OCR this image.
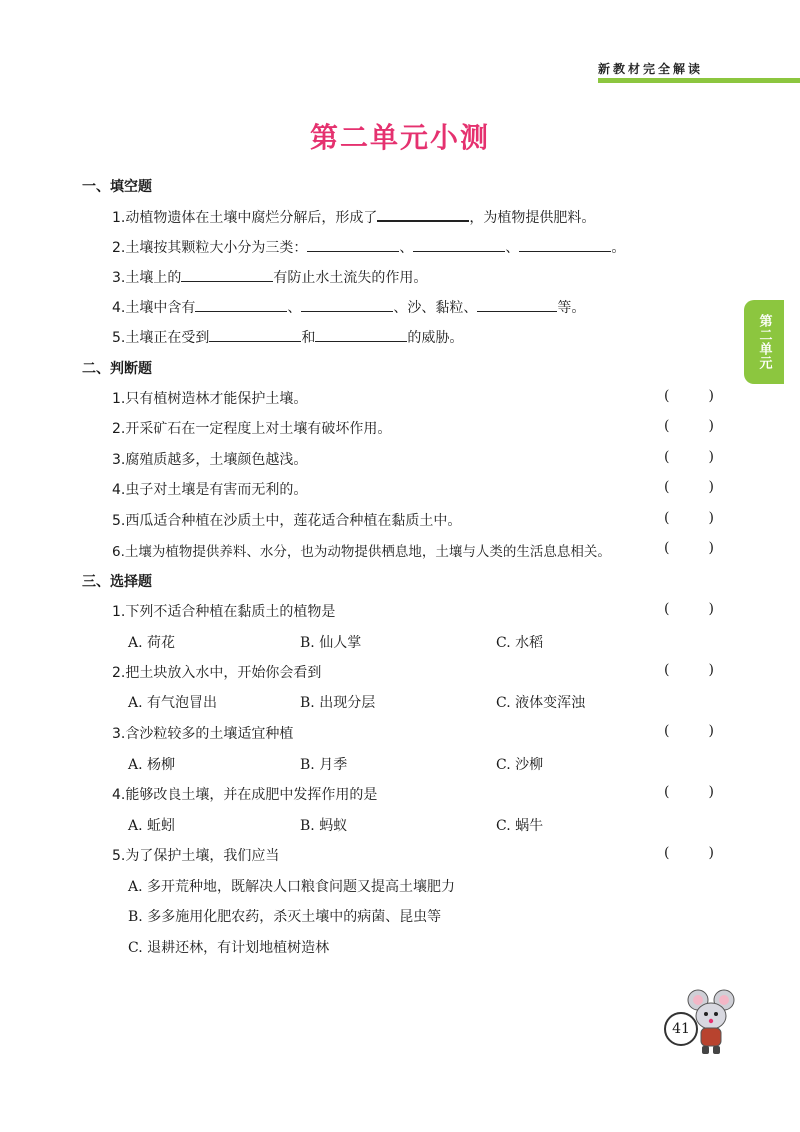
新教材完全解读
第二单元小测
第二单元
一、填空题
1.动植物遗体在土壤中腐烂分解后，形成了	，为植物提供肥料。
2.土壤按其颗粒大小分为三类：	、	、	。
3.土壤上的	有防止水土流失的作用。
4.土壤中含有	、	、沙、黏粒、	等。
5.土壤正在受到	和	的威胁。
二、判断题
1.只有植树造林才能保护土壤。	(	)
2.开采矿石在一定程度上对土壤有破坏作用。	(	)
3.腐殖质越多，土壤颜色越浅。	(	)
4.虫子对土壤是有害而无利的。	(	)
5.西瓜适合种植在沙质土中，莲花适合种植在黏质土中。	(	)
6.土壤为植物提供养料、水分，也为动物提供栖息地，土壤与人类的生活息息相关。	(	)
三、选择题
1.下列不适合种植在黏质土的植物是	(	)
A. 荷花	B. 仙人掌	C. 水稻
2.把土块放入水中，开始你会看到	(	)
A. 有气泡冒出	B. 出现分层	C. 液体变浑浊
3.含沙粒较多的土壤适宜种植	(	)
A. 杨柳	B. 月季	C. 沙柳
4.能够改良土壤，并在成肥中发挥作用的是	(	)
A. 蚯蚓	B. 蚂蚁	C. 蜗牛
5.为了保护土壤，我们应当	(	)
A. 多开荒种地，既解决人口粮食问题又提高土壤肥力
B. 多多施用化肥农药，杀灭土壤中的病菌、昆虫等
C. 退耕还林，有计划地植树造林
41
